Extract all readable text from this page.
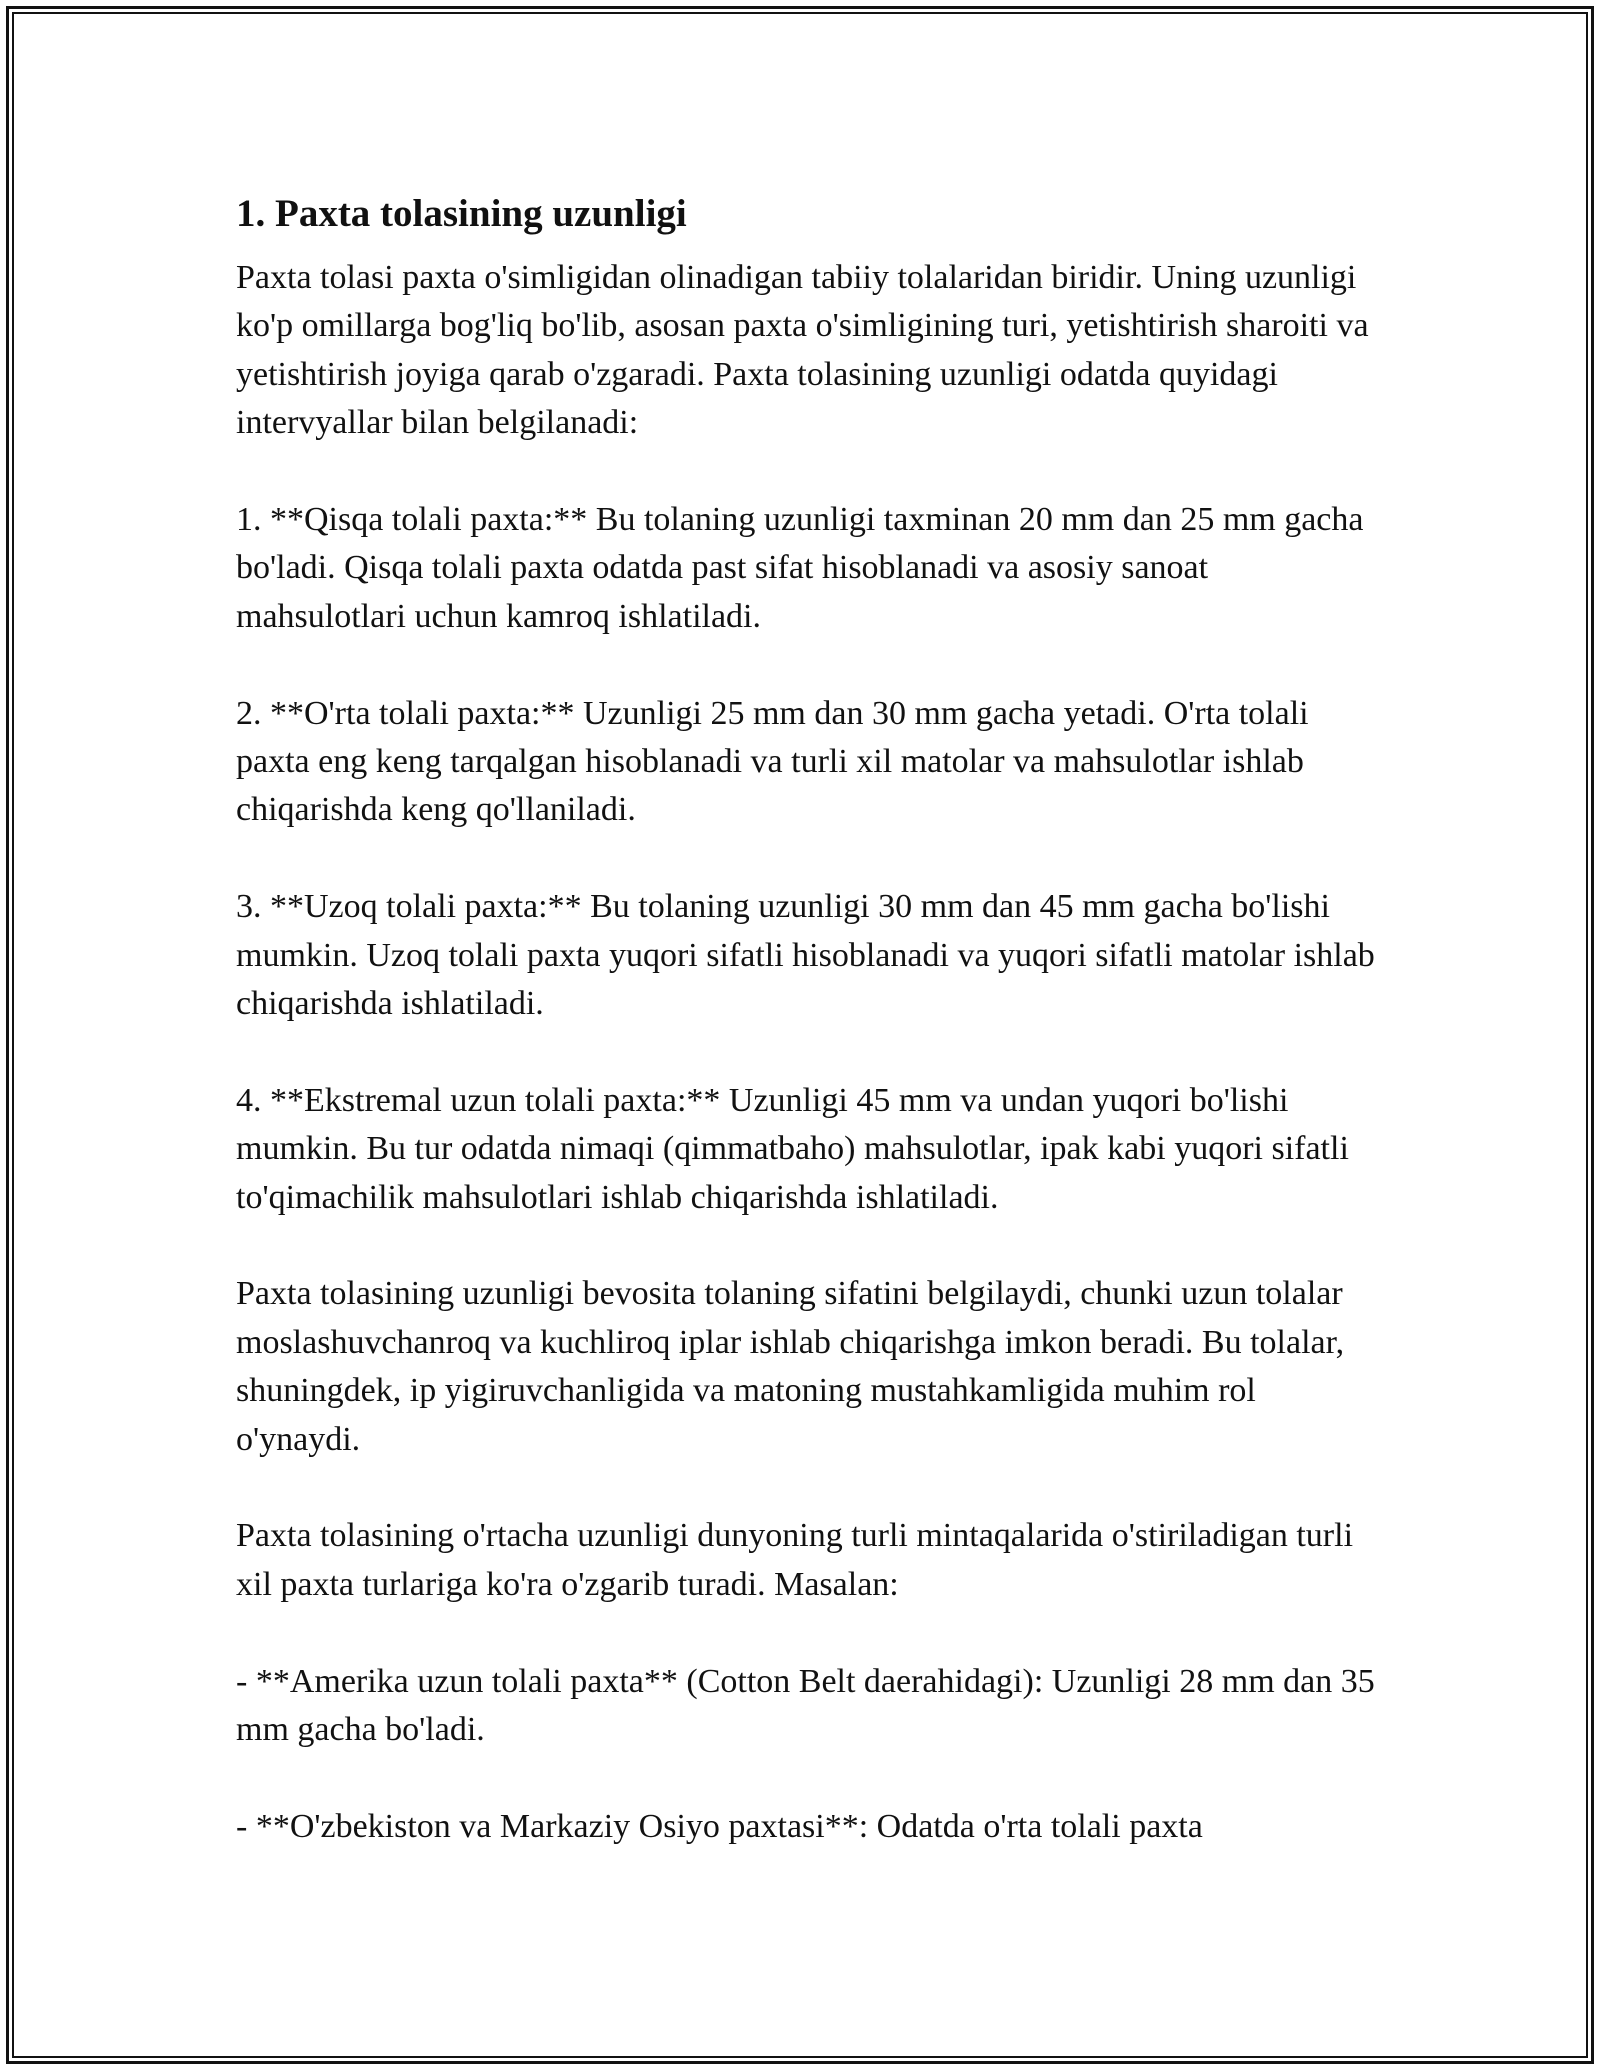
1. Paxta tolasining uzunligi

Paxta tolasi paxta o'simligidan olinadigan tabiiy tolalaridan biridir. Uning uzunligi ko'p omillarga bog'liq bo'lib, asosan paxta o'simligining turi, yetishtirish sharoiti va yetishtirish joyiga qarab o'zgaradi. Paxta tolasining uzunligi odatda quyidagi intervyallar bilan belgilanadi:

1. **Qisqa tolali paxta:** Bu tolaning uzunligi taxminan 20 mm dan 25 mm gacha bo'ladi. Qisqa tolali paxta odatda past sifat hisoblanadi va asosiy sanoat mahsulotlari uchun kamroq ishlatiladi.

2. **O'rta tolali paxta:** Uzunligi 25 mm dan 30 mm gacha yetadi. O'rta tolali paxta eng keng tarqalgan hisoblanadi va turli xil matolar va mahsulotlar ishlab chiqarishda keng qo'llaniladi.

3. **Uzoq tolali paxta:** Bu tolaning uzunligi 30 mm dan 45 mm gacha bo'lishi mumkin. Uzoq tolali paxta yuqori sifatli hisoblanadi va yuqori sifatli matolar ishlab chiqarishda ishlatiladi.

4. **Ekstremal uzun tolali paxta:** Uzunligi 45 mm va undan yuqori bo'lishi mumkin. Bu tur odatda nimaqi (qimmatbaho) mahsulotlar, ipak kabi yuqori sifatli to'qimachilik mahsulotlari ishlab chiqarishda ishlatiladi.

Paxta tolasining uzunligi bevosita tolaning sifatini belgilaydi, chunki uzun tolalar moslashuvchanroq va kuchliroq iplar ishlab chiqarishga imkon beradi. Bu tolalar, shuningdek, ip yigiruvchanligida va matoning mustahkamligida muhim rol o'ynaydi.

Paxta tolasining o'rtacha uzunligi dunyoning turli mintaqalarida o'stiriladigan turli xil paxta turlariga ko'ra o'zgarib turadi. Masalan:

- **Amerika uzun tolali paxta** (Cotton Belt daerahidagi): Uzunligi 28 mm dan 35 mm gacha bo'ladi.

- **O'zbekiston va Markaziy Osiyo paxtasi**: Odatda o'rta tolali paxta
